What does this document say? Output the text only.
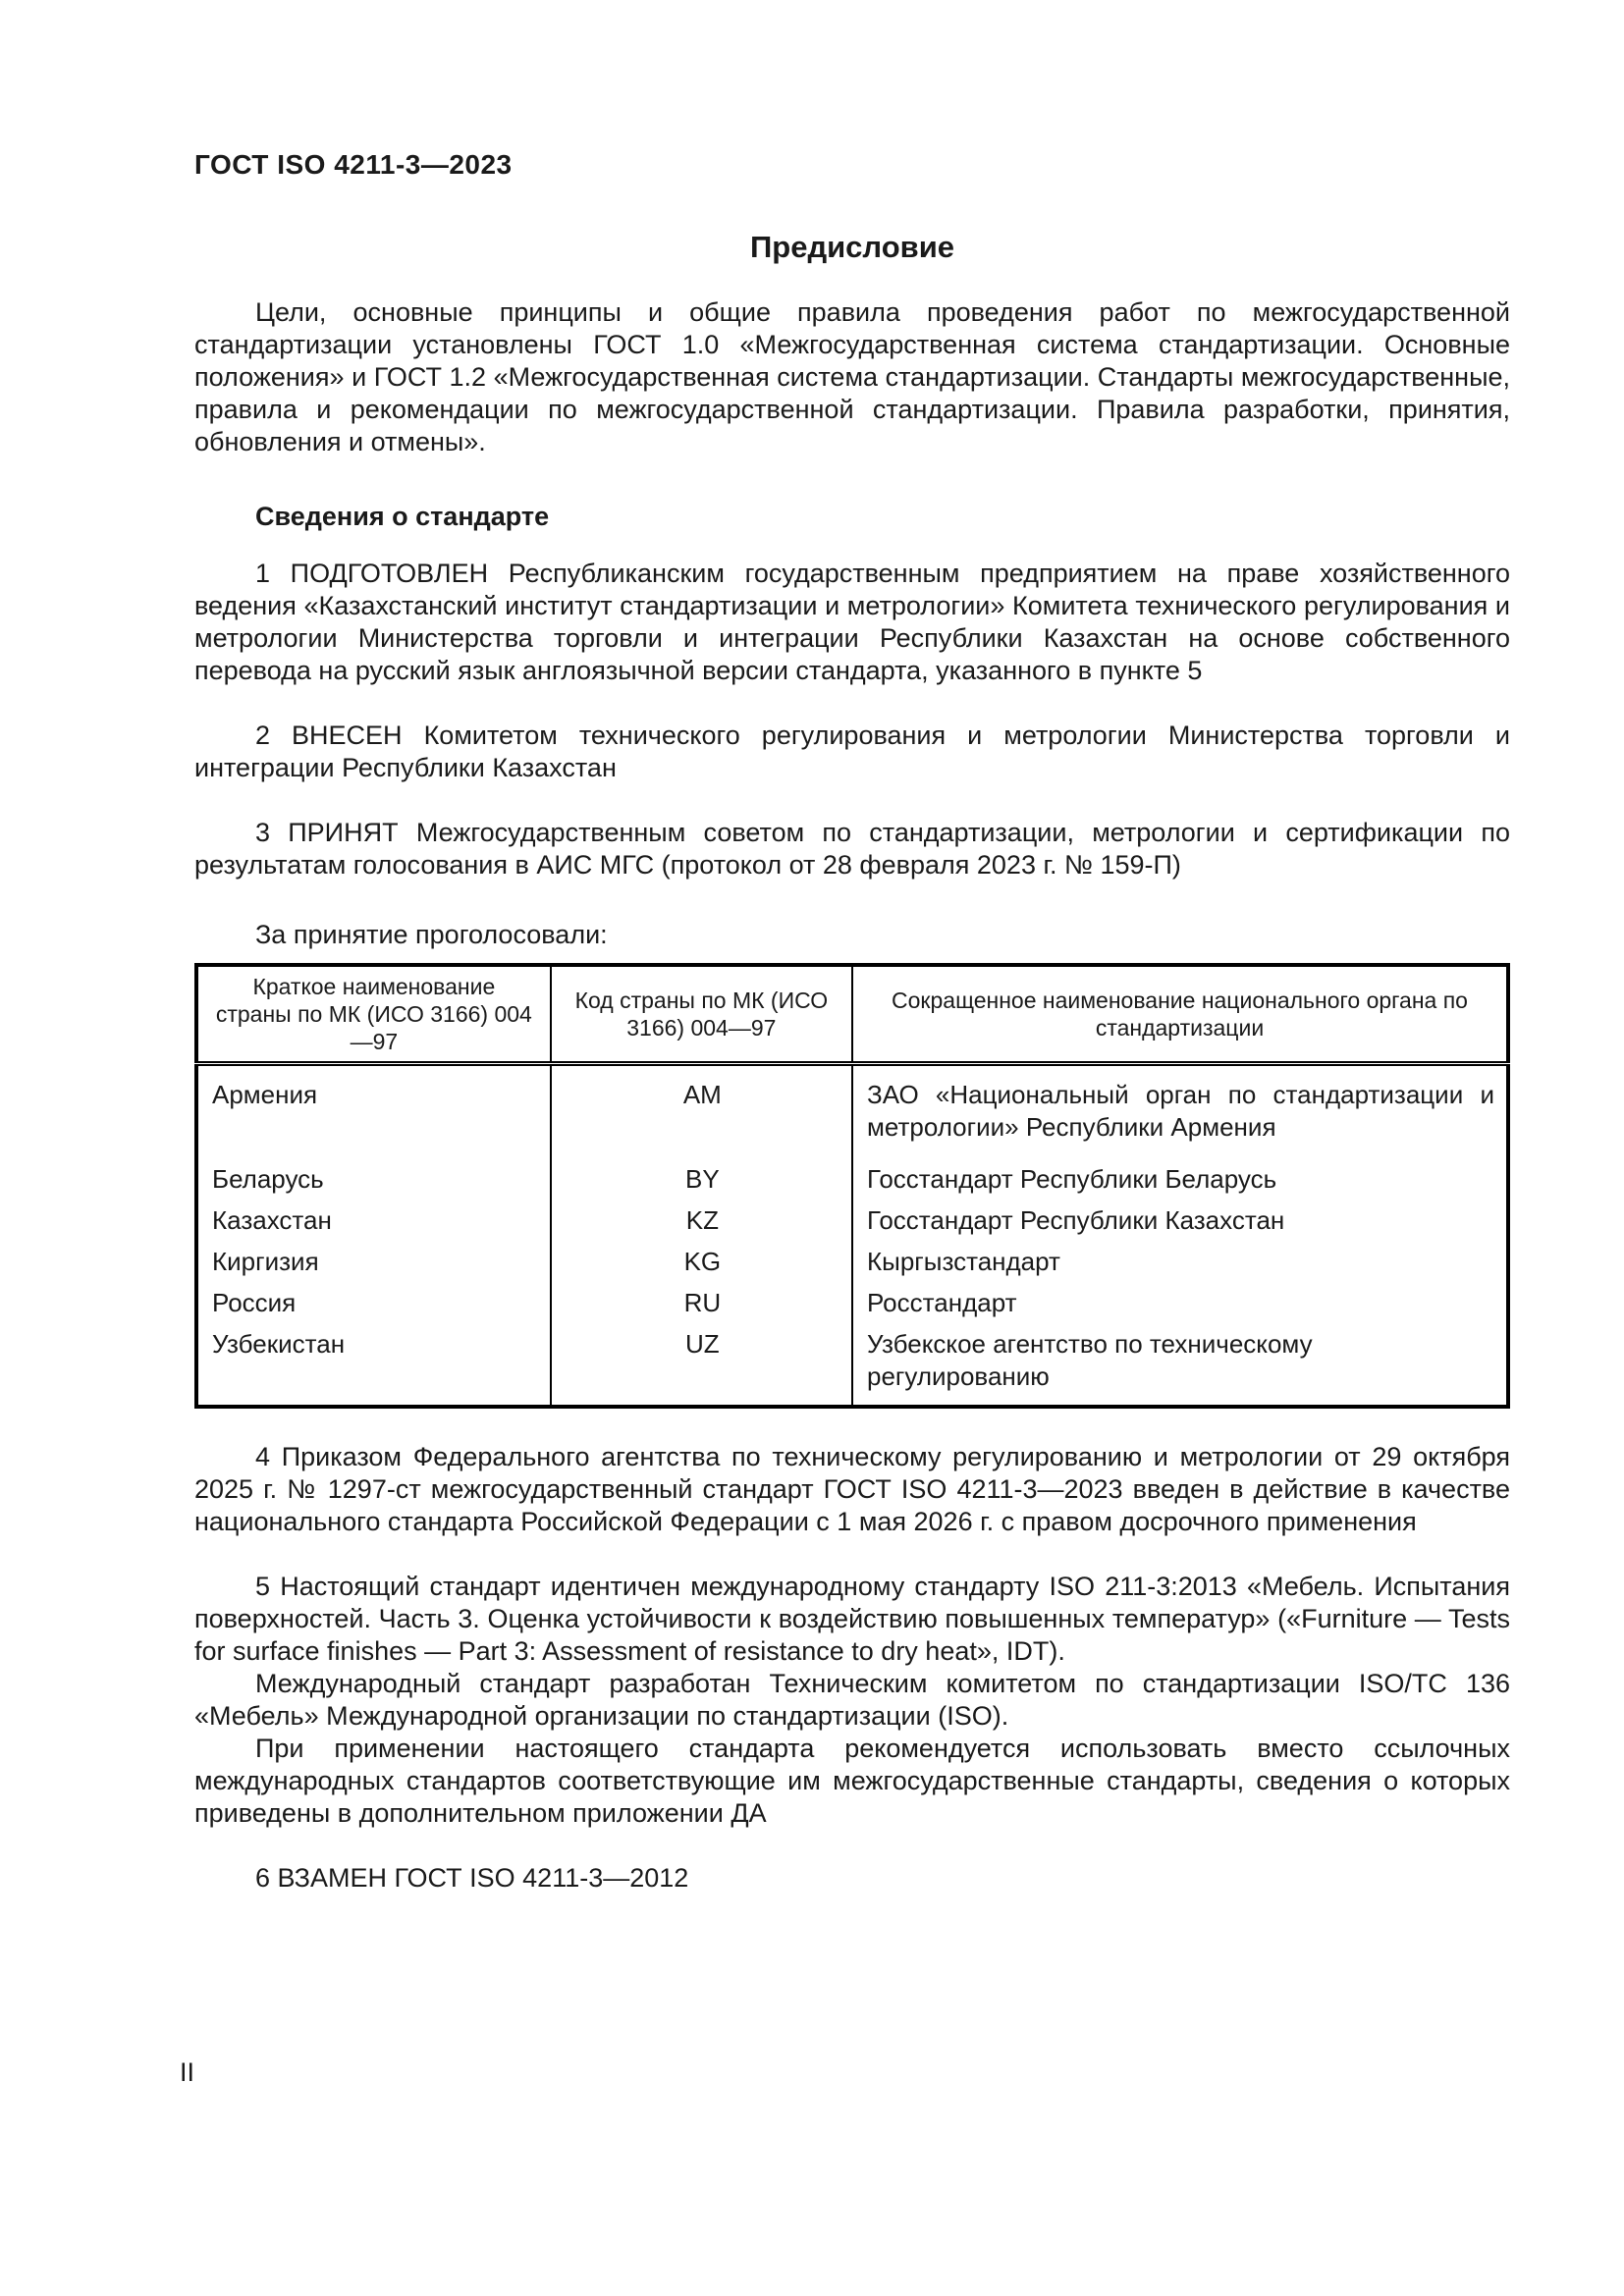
ГОСТ ISO 4211-3—2023
Предисловие

Цели, основные принципы и общие правила проведения работ по межгосударственной стандартизации установлены ГОСТ 1.0 «Межгосударственная система стандартизации. Основные положения» и ГОСТ 1.2 «Межгосударственная система стандартизации. Стандарты межгосударственные, правила и рекомендации по межгосударственной стандартизации. Правила разработки, принятия, обновления и отмены».

Сведения о стандарте

1 ПОДГОТОВЛЕН Республиканским государственным предприятием на праве хозяйственного ведения «Казахстанский институт стандартизации и метрологии» Комитета технического регулирования и метрологии Министерства торговли и интеграции Республики Казахстан на основе собственного перевода на русский язык англоязычной версии стандарта, указанного в пункте 5

2 ВНЕСЕН Комитетом технического регулирования и метрологии Министерства торговли и интеграции Республики Казахстан

3 ПРИНЯТ Межгосударственным советом по стандартизации, метрологии и сертификации по результатам голосования в АИС МГС (протокол от 28 февраля 2023 г. № 159-П)

За принятие проголосовали:

Краткое наименование страны по МК (ИСО 3166) 004—97	Код страны по МК (ИСО 3166) 004—97	Сокращенное наименование национального органа по стандартизации
Армения	AM	ЗАО «Национальный орган по стандартизации и метрологии» Республики Армения
Беларусь	BY	Госстандарт Республики Беларусь
Казахстан	KZ	Госстандарт Республики Казахстан
Киргизия	KG	Кыргызстандарт
Россия	RU	Росстандарт
Узбекистан	UZ	Узбекское агентство по техническому регулированию

4 Приказом Федерального агентства по техническому регулированию и метрологии от 29 октября 2025 г. № 1297-ст межгосударственный стандарт ГОСТ ISO 4211-3—2023 введен в действие в качестве национального стандарта Российской Федерации с 1 мая 2026 г. с правом досрочного применения

5 Настоящий стандарт идентичен международному стандарту ISO 211-3:2013 «Мебель. Испытания поверхностей. Часть 3. Оценка устойчивости к воздействию повышенных температур» («Furniture — Tests for surface finishes — Part 3: Assessment of resistance to dry heat», IDT).

Международный стандарт разработан Техническим комитетом по стандартизации ISO/TC 136 «Мебель» Международной организации по стандартизации (ISO).

При применении настоящего стандарта рекомендуется использовать вместо ссылочных международных стандартов соответствующие им межгосударственные стандарты, сведения о которых приведены в дополнительном приложении ДА

6 ВЗАМЕН ГОСТ ISO 4211-3—2012

II
